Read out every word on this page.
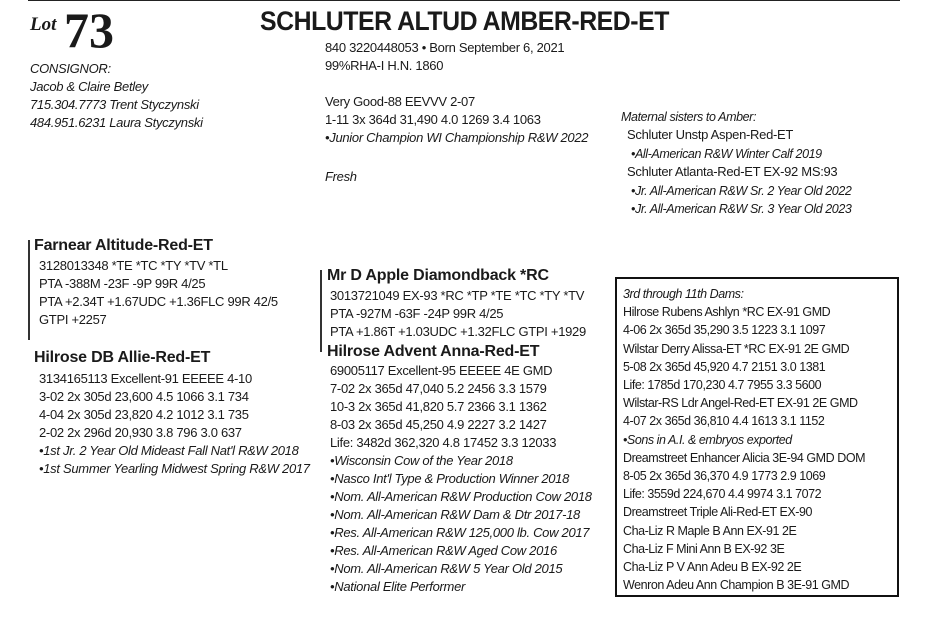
Lot 73	SCHLUTER ALTUD AMBER-RED-ET
CONSIGNOR:
Jacob & Claire Betley
715.304.7773 Trent Styczynski
484.951.6231 Laura Styczynski
840 3220448053 • Born September 6, 2021
99%RHA-I H.N. 1860
Very Good-88 EEVVV 2-07
1-11 3x 364d 31,490 4.0 1269 3.4 1063
•Junior Champion WI Championship R&W 2022
Fresh
Maternal sisters to Amber:
Schluter Unstp Aspen-Red-ET
•All-American R&W Winter Calf 2019
Schluter Atlanta-Red-ET EX-92 MS:93
•Jr. All-American R&W Sr. 2 Year Old 2022
•Jr. All-American R&W Sr. 3 Year Old 2023
Farnear Altitude-Red-ET
3128013348 *TE *TC *TY *TV *TL
PTA -388M -23F -9P 99R 4/25
PTA +2.34T +1.67UDC +1.36FLC 99R 42/5
GTPI +2257
Hilrose DB Allie-Red-ET
3134165113 Excellent-91 EEEEE 4-10
3-02 2x 305d 23,600 4.5 1066 3.1 734
4-04 2x 305d 23,820 4.2 1012 3.1 735
2-02 2x 296d 20,930 3.8 796 3.0 637
•1st Jr. 2 Year Old Mideast Fall Nat'l R&W 2018
•1st Summer Yearling Midwest Spring R&W 2017
Mr D Apple Diamondback *RC
3013721049 EX-93 *RC *TP *TE *TC *TY *TV
PTA -927M -63F -24P 99R 4/25
PTA +1.86T +1.03UDC +1.32FLC GTPI +1929
Hilrose Advent Anna-Red-ET
69005117 Excellent-95 EEEEE 4E GMD
7-02 2x 365d 47,040 5.2 2456 3.3 1579
10-3 2x 365d 41,820 5.7 2366 3.1 1362
8-03 2x 365d 45,250 4.9 2227 3.2 1427
Life: 3482d 362,320 4.8 17452 3.3 12033
•Wisconsin Cow of the Year 2018
•Nasco Int'l Type & Production Winner 2018
•Nom. All-American R&W Production Cow 2018
•Nom. All-American R&W Dam & Dtr 2017-18
•Res. All-American R&W 125,000 lb. Cow 2017
•Res. All-American R&W Aged Cow 2016
•Nom. All-American R&W 5 Year Old 2015
•National Elite Performer
3rd through 11th Dams:
Hilrose Rubens Ashlyn *RC EX-91 GMD
4-06 2x 365d 35,290 3.5 1223 3.1 1097
Wilstar Derry Alissa-ET *RC EX-91 2E GMD
5-08 2x 365d 45,920 4.7 2151 3.0 1381
Life: 1785d 170,230 4.7 7955 3.3 5600
Wilstar-RS Ldr Angel-Red-ET EX-91 2E GMD
4-07 2x 365d 36,810 4.4 1613 3.1 1152
•Sons in A.I. & embryos exported
Dreamstreet Enhancer Alicia 3E-94 GMD DOM
8-05 2x 365d 36,370 4.9 1773 2.9 1069
Life: 3559d 224,670 4.4 9974 3.1 7072
Dreamstreet Triple Ali-Red-ET EX-90
Cha-Liz R Maple B Ann EX-91 2E
Cha-Liz F Mini Ann B EX-92 3E
Cha-Liz P V Ann Adeu B EX-92 2E
Wenron Adeu Ann Champion B 3E-91 GMD
